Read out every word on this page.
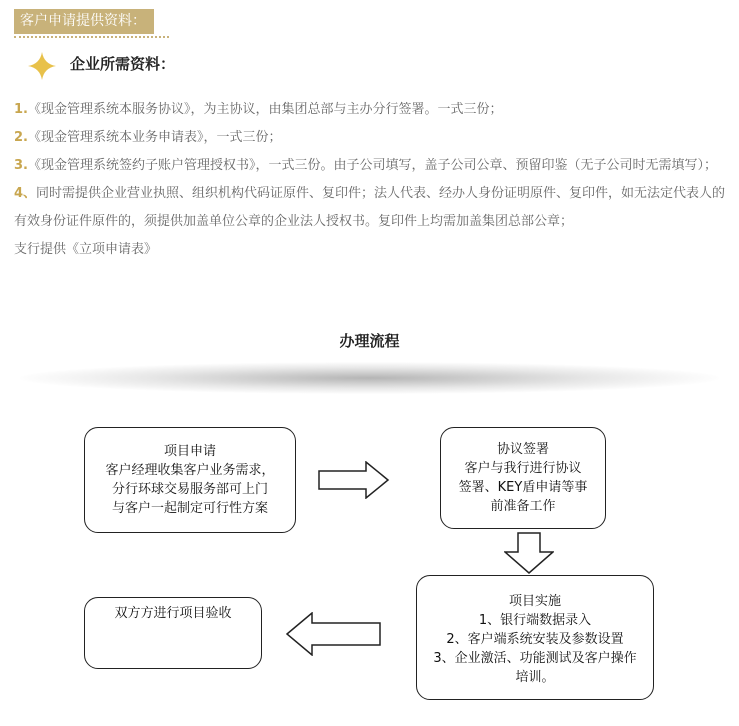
客户申请提供资料：
企业所需资料：

1.《现金管理系统本服务协议》，为主协议，由集团总部与主办分行签署。一式三份；

2.《现金管理系统本业务申请表》，一式三份；

3.《现金管理系统签约子账户管理授权书》，一式三份。由子公司填写，盖子公司公章、预留印鉴（无子公司时无需填写）；

4、同时需提供企业营业执照、组织机构代码证原件、复印件；法人代表、经办人身份证明原件、复印件，如无法定代表人的有效身份证件原件的，须提供加盖单位公章的企业法人授权书。复印件上均需加盖集团总部公章；

支行提供《立项申请表》

办理流程
项目申请
客户经理收集客户业务需求，
分行环球交易服务部可上门
与客户一起制定可行性方案
协议签署
客户与我行进行协议
签署、KEY盾申请等事
前准备工作
项目实施
1、银行端数据录入
2、客户端系统安装及参数设置
3、企业激活、功能测试及客户操作
培训。
双方方进行项目验收
